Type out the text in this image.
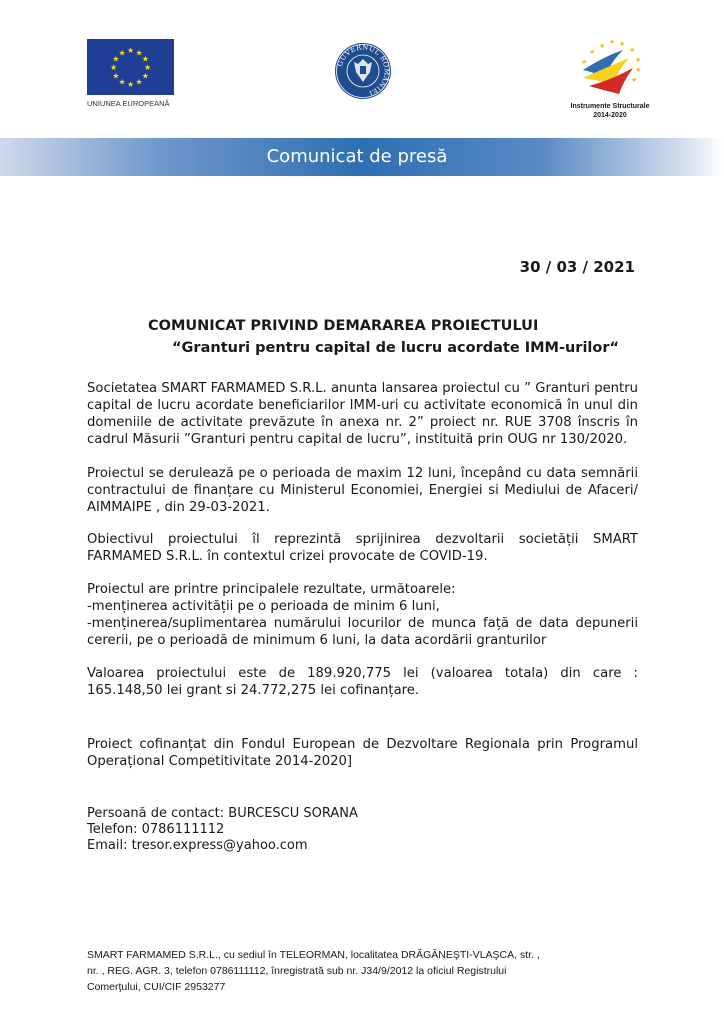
★ ★
★
★
★
★
★
★
★
★
★
★
UNIUNEA EUROPEANĂ
GUVERNUL ROMÂNIEI
★ ★ ★
★
★
★
★
★
★
Instrumente Structurale
2014-2020
Comunicat de presă
30 / 03 / 2021
COMUNICAT PRIVIND DEMARAREA PROIECTULUI
“Granturi pentru capital de lucru acordate IMM-urilor“
Societatea SMART FARMAMED S.R.L. anunta lansarea proiectul cu ” Granturi pentru capital de lucru acordate beneficiarilor IMM-uri cu activitate economică în unul din domeniile de activitate prevăzute în anexa nr. 2” proiect nr. RUE 3708 înscris în cadrul Măsurii ”Granturi pentru capital de lucru”, instituită prin OUG nr 130/2020.
Proiectul se derulează pe o perioada de maxim 12 luni, începând cu data semnării contractului de finanțare cu Ministerul Economiei, Energiei si Mediului de Afaceri/ AIMMAIPE , din 29-03-2021.
Obiectivul proiectului îl reprezintă sprijinirea dezvoltarii societății SMART FARMAMED S.R.L. în contextul crizei provocate de COVID-19.
Proiectul are printre principalele rezultate, următoarele:
-menținerea activității pe o perioada de minim 6 luni,
-menținerea/suplimentarea numărului locurilor de munca față de data depunerii cererii, pe o perioadă de minimum 6 luni, la data acordării granturilor
Valoarea proiectului este de 189.920,775 lei (valoarea totala) din care : 165.148,50 lei grant si 24.772,275 lei cofinanțare.
Proiect cofinanțat din Fondul European de Dezvoltare Regionala prin Programul Operațional Competitivitate 2014-2020]
Persoană de contact: BURCESCU SORANA
Telefon: 0786111112
Email: tresor.express@yahoo.com
SMART FARMAMED S.R.L., cu sediul în TELEORMAN, localitatea DRĂGĂNEŞTI-VLAŞCA, str. ,
nr. , REG. AGR. 3, telefon 0786111112, înregistrată sub nr. J34/9/2012 la oficiul Registrului
Comerţului, CUI/CIF 2953277
